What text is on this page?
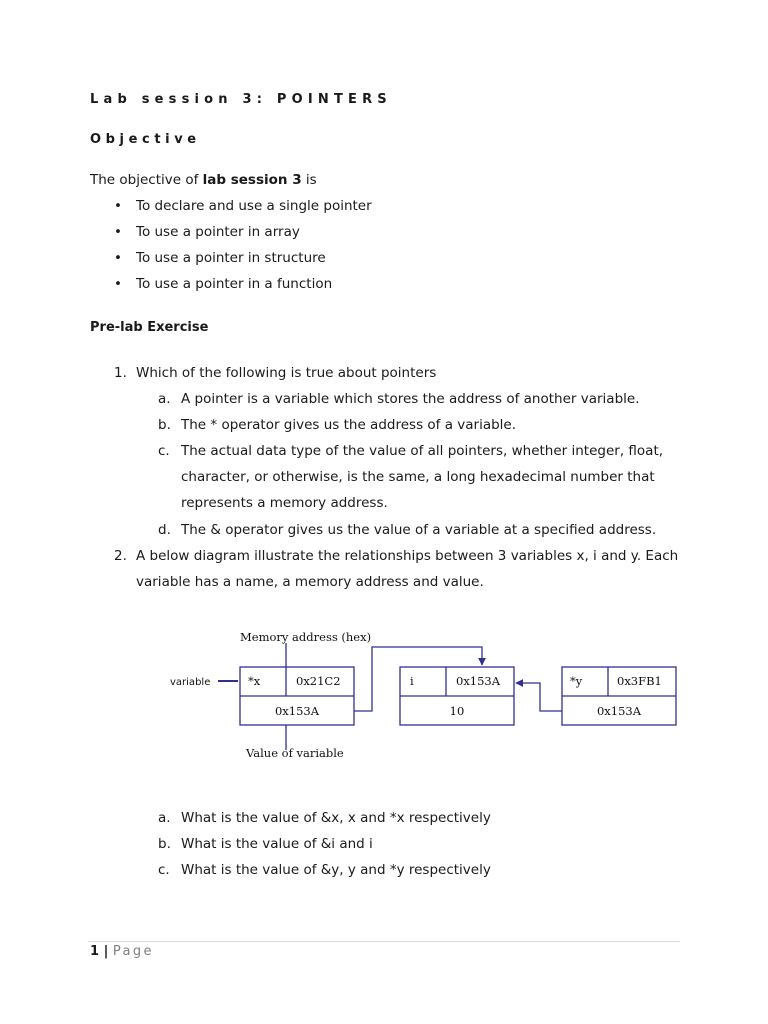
Lab session 3: POINTERS
Objective
The objective of lab session 3 is
• To declare and use a single pointer
• To use a pointer in array
• To use a pointer in structure
• To use a pointer in a function
Pre-lab Exercise
1. Which of the following is true about pointers
a. A pointer is a variable which stores the address of another variable.
b. The * operator gives us the address of a variable.
c. The actual data type of the value of all pointers, whether integer, float,
character, or otherwise, is the same, a long hexadecimal number that
represents a memory address.
d. The & operator gives us the value of a variable at a specified address.
2. A below diagram illustrate the relationships between 3 variables x, i and y. Each
variable has a name, a memory address and value.
Memory address (hex)
variable
Value of variable
*x	0x21C2
0x153A
i	0x153A
10
*y	0x3FB1
0x153A
a. What is the value of &x, x and *x respectively
b. What is the value of &i and i
c. What is the value of &y, y and *y respectively
1 | Page
